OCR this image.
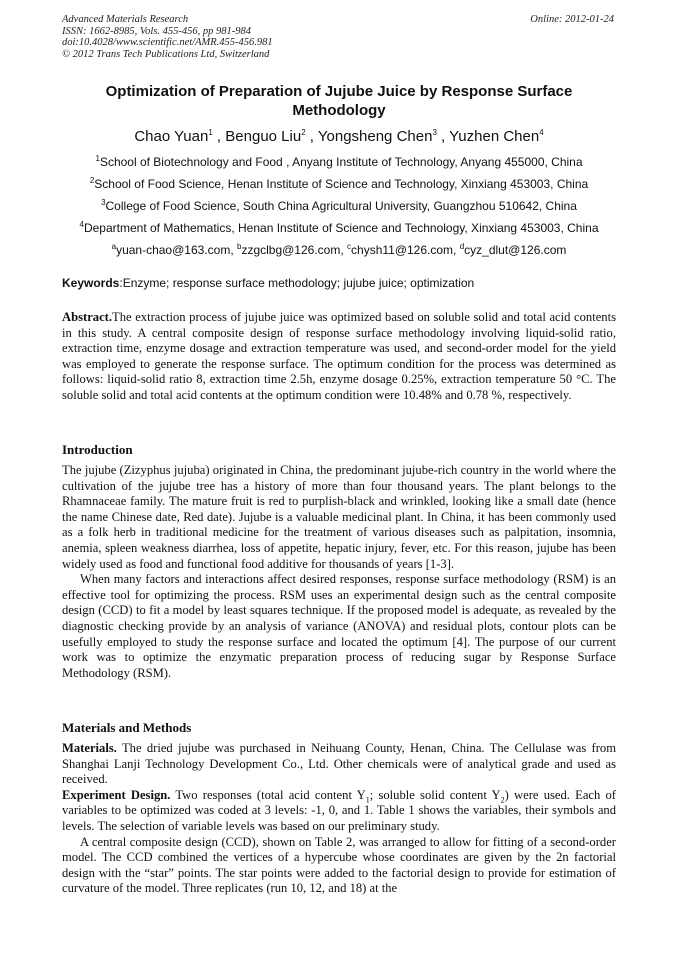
Advanced Materials Research
ISSN: 1662-8985, Vols. 455-456, pp 981-984
doi:10.4028/www.scientific.net/AMR.455-456.981
© 2012 Trans Tech Publications Ltd, Switzerland
Online: 2012-01-24
Optimization of Preparation of Jujube Juice by Response Surface
Methodology
Chao Yuan$^1$ , Benguo Liu$^2$ , Yongsheng Chen$^3$ , Yuzhen Chen$^4$
$^1$School of Biotechnology and Food , Anyang Institute of Technology, Anyang 455000, China
$^2$School of Food Science, Henan Institute of Science and Technology, Xinxiang 453003, China
$^3$College of Food Science, South China Agricultural University, Guangzhou 510642, China
$^4$Department of Mathematics, Henan Institute of Science and Technology, Xinxiang 453003, China
$^a$yuan-chao@163.com, $^b$zzgclbg@126.com, $^c$chysh11@126.com, $^d$cyz_dlut@126.com
Keywords:Enzyme; response surface methodology; jujube juice; optimization

Abstract.The extraction process of jujube juice was optimized based on soluble solid and total acid contents in this study. A central composite design of response surface methodology involving liquid-solid ratio, extraction time, enzyme dosage and extraction temperature was used, and second-order model for the yield was employed to generate the response surface. The optimum condition for the process was determined as follows: liquid-solid ratio 8, extraction time 2.5h, enzyme dosage 0.25%, extraction temperature 50 °C. The soluble solid and total acid contents at the optimum condition were 10.48% and 0.78 %, respectively.

Introduction

The jujube (Zizyphus jujuba) originated in China, the predominant jujube-rich country in the world where the cultivation of the jujube tree has a history of more than four thousand years. The plant belongs to the Rhamnaceae family. The mature fruit is red to purplish-black and wrinkled, looking like a small date (hence the name Chinese date, Red date). Jujube is a valuable medicinal plant. In China, it has been commonly used as a folk herb in traditional medicine for the treatment of various diseases such as palpitation, insomnia, anemia, spleen weakness diarrhea, loss of appetite, hepatic injury, fever, etc. For this reason, jujube has been widely used as food and functional food additive for thousands of years [1-3].

When many factors and interactions affect desired responses, response surface methodology (RSM) is an effective tool for optimizing the process. RSM uses an experimental design such as the central composite design (CCD) to fit a model by least squares technique. If the proposed model is adequate, as revealed by the diagnostic checking provide by an analysis of variance (ANOVA) and residual plots, contour plots can be usefully employed to study the response surface and located the optimum [4]. The purpose of our current work was to optimize the enzymatic preparation process of reducing sugar by Response Surface Methodology (RSM).

Materials and Methods

Materials. The dried jujube was purchased in Neihuang County, Henan, China. The Cellulase was from Shanghai Lanji Technology Development Co., Ltd. Other chemicals were of analytical grade and used as received.

Experiment Design. Two responses (total acid content $Y_1$; soluble solid content $Y_2$) were used. Each of variables to be optimized was coded at 3 levels: -1, 0, and 1. Table 1 shows the variables, their symbols and levels. The selection of variable levels was based on our preliminary study.

A central composite design (CCD), shown on Table 2, was arranged to allow for fitting of a second-order model. The CCD combined the vertices of a hypercube whose coordinates are given by the 2n factorial design with the “star” points. The star points were added to the factorial design to provide for estimation of curvature of the model. Three replicates (run 10, 12, and 18) at the
